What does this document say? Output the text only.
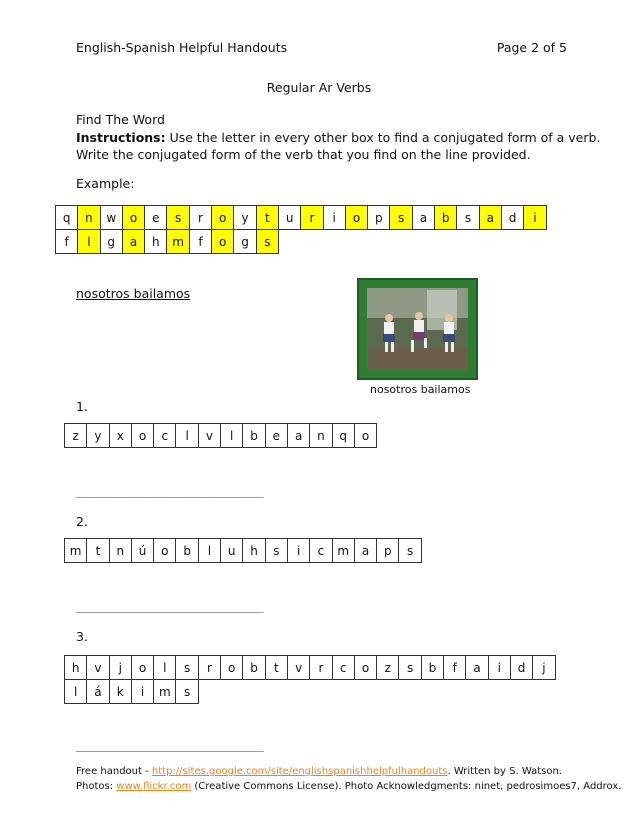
English-Spanish Helpful Handouts	Page 2 of 5
Regular Ar Verbs
Find The Word
Instructions: Use the letter in every other box to find a conjugated form of a verb.
Write the conjugated form of the verb that you find on the line provided.
Example:
q	n	w	o	e	s	r	o	y	t	u	r	i	o	p	s	a	b	s	a	d	i
f	l	g	a	h	m	f	o	g	s												
nosotros bailamos
nosotros bailamos
1.
z	y	x	o	c	l	v	l	b	e	a	n	q	o
______________________________
2.
m	t	n	ú	o	b	l	u	h	s	i	c	m	a	p	s
______________________________
3.
h	v	j	o	l	s	r	o	b	t	v	r	c	o	z	s	b	f	a	i	d	j
l	á	k	i	m	s																
______________________________
Free handout - http://sites.google.com/site/englishspanishhelpfulhandouts. Written by S. Watson.
Photos: www.flickr.com (Creative Commons License). Photo Acknowledgments: ninet, pedrosimoes7, Addrox.
